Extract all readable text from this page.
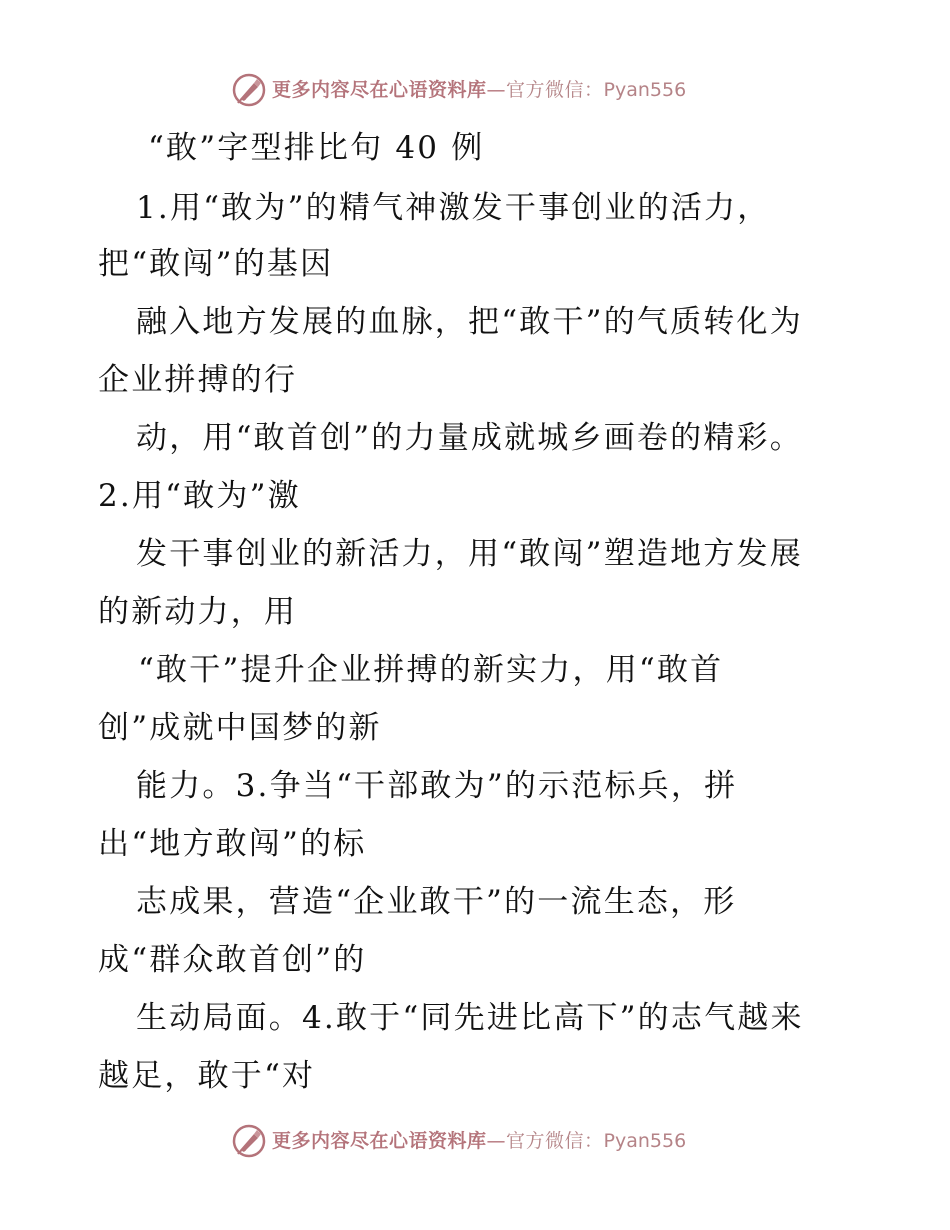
更多内容尽在心语资料库—官方微信：Pyan556
“敢”字型排比句 40 例
1.用“敢为”的精气神激发干事创业的活力，
把“敢闯”的基因
融入地方发展的血脉，把“敢干”的气质转化为
企业拼搏的行
动，用“敢首创”的力量成就城乡画卷的精彩。
2.用“敢为”激
发干事创业的新活力，用“敢闯”塑造地方发展
的新动力，用
“敢干”提升企业拼搏的新实力，用“敢首
创”成就中国梦的新
能力。3.争当“干部敢为”的示范标兵，拼
出“地方敢闯”的标
志成果，营造“企业敢干”的一流生态，形
成“群众敢首创”的
生动局面。4.敢于“同先进比高下”的志气越来
越足，敢于“对
更多内容尽在心语资料库—官方微信：Pyan556
